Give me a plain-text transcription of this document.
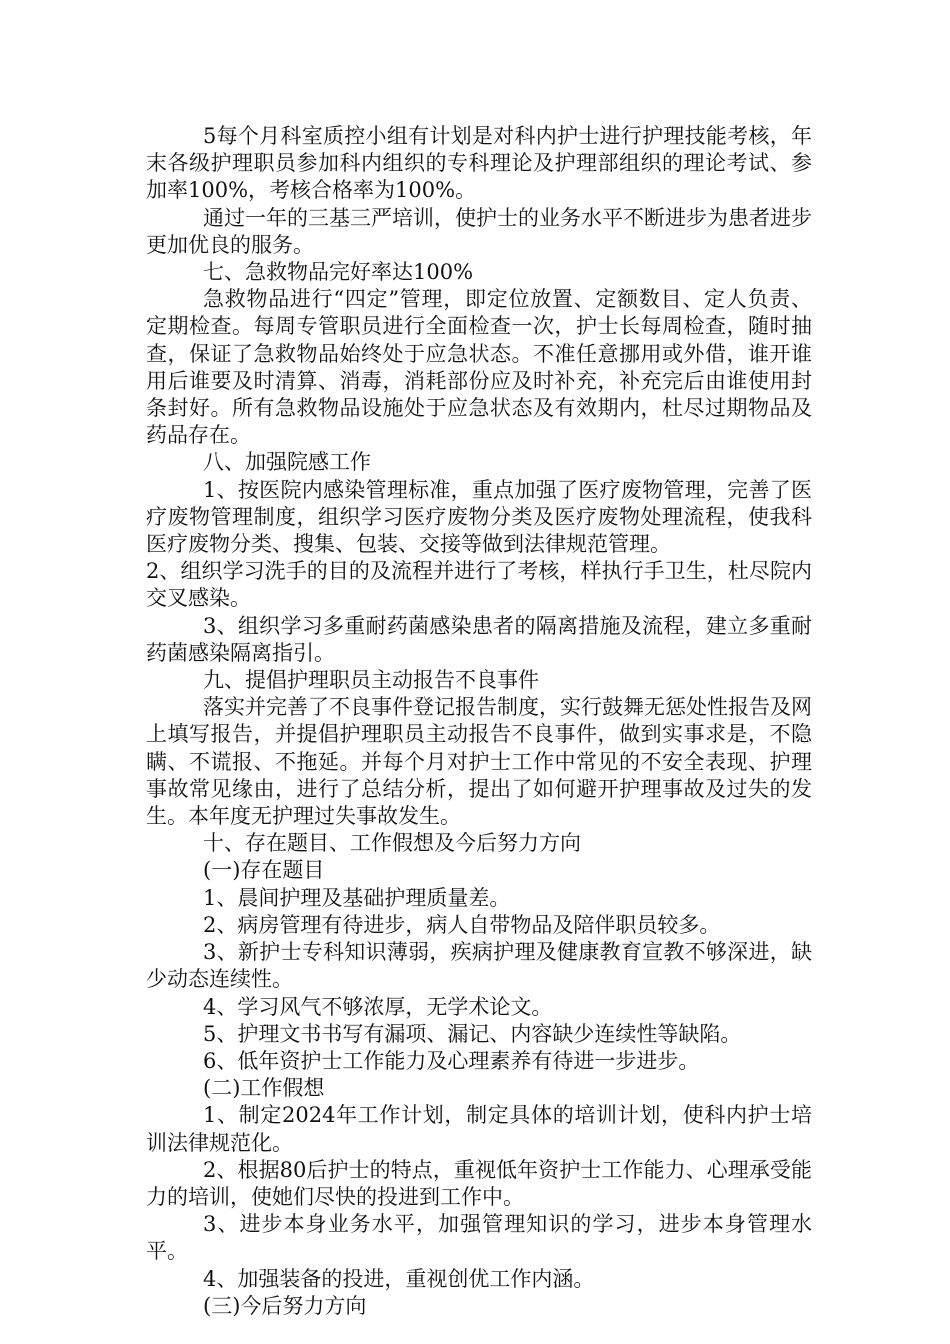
5每个月科室质控小组有计划是对科内护士进行护理技能考核，年末各级护理职员参加科内组织的专科理论及护理部组织的理论考试、参加率100%，考核合格率为100%。

通过一年的三基三严培训，使护士的业务水平不断进步为患者进步更加优良的服务。

七、急救物品完好率达100%

急救物品进行“四定”管理，即定位放置、定额数目、定人负责、定期检查。每周专管职员进行全面检查一次，护士长每周检查，随时抽查，保证了急救物品始终处于应急状态。不准任意挪用或外借，谁开谁用后谁要及时清算、消毒，消耗部份应及时补充，补充完后由谁使用封条封好。所有急救物品设施处于应急状态及有效期内，杜尽过期物品及药品存在。

八、加强院感工作

1、按医院内感染管理标准，重点加强了医疗废物管理，完善了医疗废物管理制度，组织学习医疗废物分类及医疗废物处理流程，使我科医疗废物分类、搜集、包装、交接等做到法律规范管理。

2、组织学习洗手的目的及流程并进行了考核，样执行手卫生，杜尽院内交叉感染。

3、组织学习多重耐药菌感染患者的隔离措施及流程，建立多重耐药菌感染隔离指引。

九、提倡护理职员主动报告不良事件

落实并完善了不良事件登记报告制度，实行鼓舞无惩处性报告及网上填写报告，并提倡护理职员主动报告不良事件，做到实事求是，不隐瞒、不谎报、不拖延。并每个月对护士工作中常见的不安全表现、护理事故常见缘由，进行了总结分析，提出了如何避开护理事故及过失的发生。本年度无护理过失事故发生。

十、存在题目、工作假想及今后努力方向

(一)存在题目

1、晨间护理及基础护理质量差。

2、病房管理有待进步，病人自带物品及陪伴职员较多。

3、新护士专科知识薄弱，疾病护理及健康教育宣教不够深进，缺少动态连续性。

4、学习风气不够浓厚，无学术论文。

5、护理文书书写有漏项、漏记、内容缺少连续性等缺陷。

6、低年资护士工作能力及心理素养有待进一步进步。

(二)工作假想

1、制定2024年工作计划，制定具体的培训计划，使科内护士培训法律规范化。

2、根据80后护士的特点，重视低年资护士工作能力、心理承受能力的培训，使她们尽快的投进到工作中。

3、进步本身业务水平，加强管理知识的学习，进步本身管理水平。

4、加强装备的投进，重视创优工作内涵。

(三)今后努力方向
